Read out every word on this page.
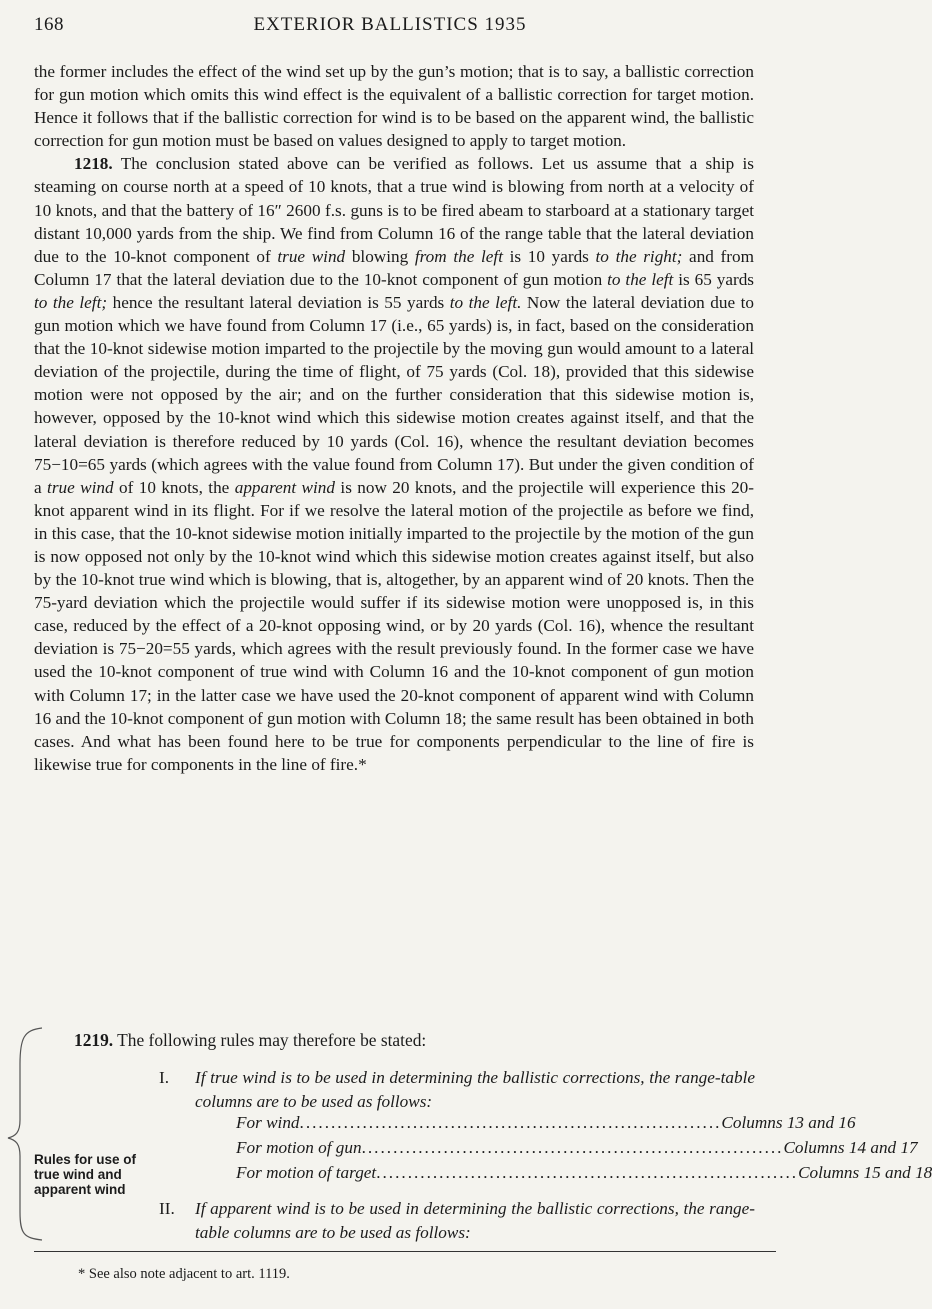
168	EXTERIOR BALLISTICS 1935

the former includes the effect of the wind set up by the gun’s motion; that is to say, a ballistic correction for gun motion which omits this wind effect is the equivalent of a ballistic correction for target motion. Hence it follows that if the ballistic correction for wind is to be based on the apparent wind, the ballistic correction for gun motion must be based on values designed to apply to target motion.

1218. The conclusion stated above can be verified as follows. Let us assume that a ship is steaming on course north at a speed of 10 knots, that a true wind is blowing from north at a velocity of 10 knots, and that the battery of 16″ 2600 f.s. guns is to be fired abeam to starboard at a stationary target distant 10,000 yards from the ship. We find from Column 16 of the range table that the lateral deviation due to the 10-knot component of true wind blowing from the left is 10 yards to the right; and from Column 17 that the lateral deviation due to the 10-knot component of gun motion to the left is 65 yards to the left; hence the resultant lateral deviation is 55 yards to the left. Now the lateral deviation due to gun motion which we have found from Column 17 (i.e., 65 yards) is, in fact, based on the consideration that the 10-knot sidewise motion imparted to the projectile by the moving gun would amount to a lateral deviation of the projectile, during the time of flight, of 75 yards (Col. 18), provided that this sidewise motion were not opposed by the air; and on the further consideration that this sidewise motion is, however, opposed by the 10-knot wind which this sidewise motion creates against itself, and that the lateral deviation is therefore reduced by 10 yards (Col. 16), whence the resultant deviation becomes 75−10=65 yards (which agrees with the value found from Column 17). But under the given condition of a true wind of 10 knots, the apparent wind is now 20 knots, and the projectile will experience this 20-knot apparent wind in its flight. For if we resolve the lateral motion of the projectile as before we find, in this case, that the 10-knot sidewise motion initially imparted to the projectile by the motion of the gun is now opposed not only by the 10-knot wind which this sidewise motion creates against itself, but also by the 10-knot true wind which is blowing, that is, altogether, by an apparent wind of 20 knots. Then the 75-yard deviation which the projectile would suffer if its sidewise motion were unopposed is, in this case, reduced by the effect of a 20-knot opposing wind, or by 20 yards (Col. 16), whence the resultant deviation is 75−20=55 yards, which agrees with the result previously found. In the former case we have used the 10-knot component of true wind with Column 16 and the 10-knot component of gun motion with Column 17; in the latter case we have used the 20-knot component of apparent wind with Column 16 and the 10-knot component of gun motion with Column 18; the same result has been obtained in both cases. And what has been found here to be true for components perpendicular to the line of fire is likewise true for components in the line of fire.*

1219. The following rules may therefore be stated:
Rules for use of true wind and apparent wind
I. If true wind is to be used in determining the ballistic corrections, the range-table columns are to be used as follows:
For wind ................................................................... Columns 13 and 16
For motion of gun ................................................................... Columns 14 and 17
For motion of target ................................................................... Columns 15 and 18
II. If apparent wind is to be used in determining the ballistic corrections, the range-table columns are to be used as follows:
* See also note adjacent to art. 1119.
